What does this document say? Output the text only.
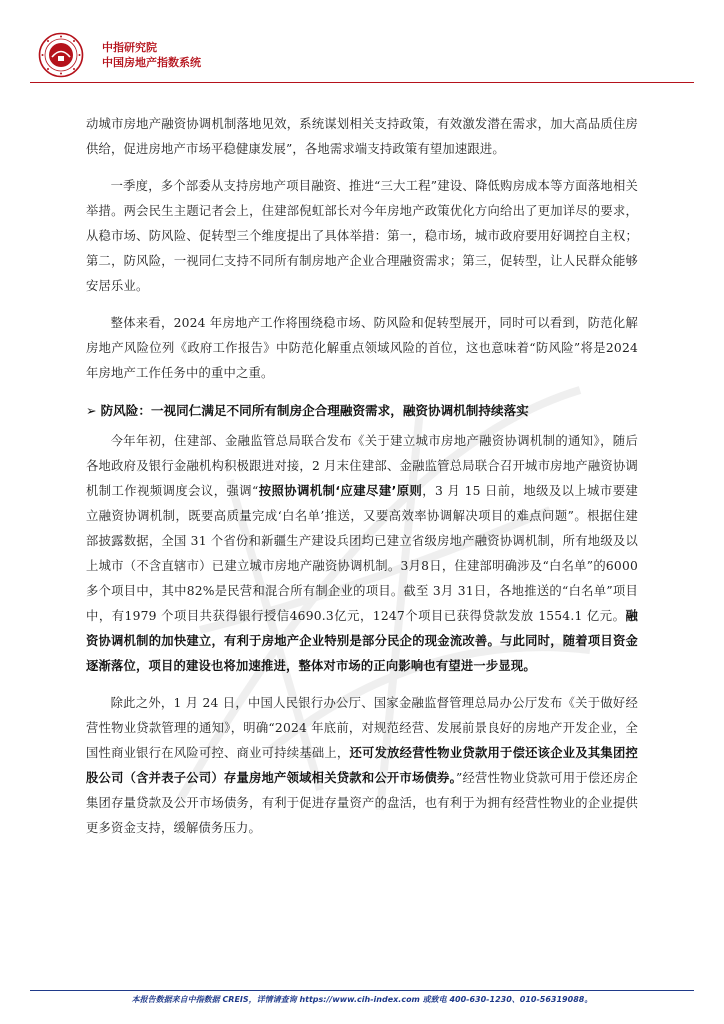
中指研究院
中国房地产指数系统

动城市房地产融资协调机制落地见效，系统谋划相关支持政策，有效激发潜在需求，加大高品质住房供给，促进房地产市场平稳健康发展”，各地需求端支持政策有望加速跟进。

一季度，多个部委从支持房地产项目融资、推进“三大工程”建设、降低购房成本等方面落地相关举措。两会民生主题记者会上，住建部倪虹部长对今年房地产政策优化方向给出了更加详尽的要求，从稳市场、防风险、促转型三个维度提出了具体举措：第一，稳市场，城市政府要用好调控自主权；第二，防风险，一视同仁支持不同所有制房地产企业合理融资需求；第三，促转型，让人民群众能够安居乐业。

整体来看，2024 年房地产工作将围绕稳市场、防风险和促转型展开，同时可以看到，防范化解房地产风险位列《政府工作报告》中防范化解重点领域风险的首位，这也意味着“防风险”将是2024年房地产工作任务中的重中之重。

➢ 防风险：一视同仁满足不同所有制房企合理融资需求，融资协调机制持续落实

今年年初，住建部、金融监管总局联合发布《关于建立城市房地产融资协调机制的通知》，随后各地政府及银行金融机构积极跟进对接，2 月末住建部、金融监管总局联合召开城市房地产融资协调机制工作视频调度会议，强调“按照协调机制‘应建尽建’原则，3 月 15 日前，地级及以上城市要建立融资协调机制，既要高质量完成‘白名单’推送，又要高效率协调解决项目的难点问题”。根据住建部披露数据，全国 31 个省份和新疆生产建设兵团均已建立省级房地产融资协调机制，所有地级及以上城市（不含直辖市）已建立城市房地产融资协调机制。3月8日，住建部明确涉及“白名单”的6000多个项目中，其中82%是民营和混合所有制企业的项目。截至 3月 31日，各地推送的“白名单”项目中，有1979 个项目共获得银行授信4690.3亿元，1247个项目已获得贷款发放 1554.1 亿元。融资协调机制的加快建立，有利于房地产企业特别是部分民企的现金流改善。与此同时，随着项目资金逐渐落位，项目的建设也将加速推进，整体对市场的正向影响也有望进一步显现。

除此之外，1 月 24 日，中国人民银行办公厅、国家金融监督管理总局办公厅发布《关于做好经营性物业贷款管理的通知》，明确“2024 年底前，对规范经营、发展前景良好的房地产开发企业，全国性商业银行在风险可控、商业可持续基础上，还可发放经营性物业贷款用于偿还该企业及其集团控股公司（含并表子公司）存量房地产领域相关贷款和公开市场债券。”经营性物业贷款可用于偿还房企集团存量贷款及公开市场债务，有利于促进存量资产的盘活，也有利于为拥有经营性物业的企业提供更多资金支持，缓解债务压力。

本报告数据来自中指数据 CREIS，详情请查询 https://www.cih-index.com 或致电 400-630-1230、010-56319088。
